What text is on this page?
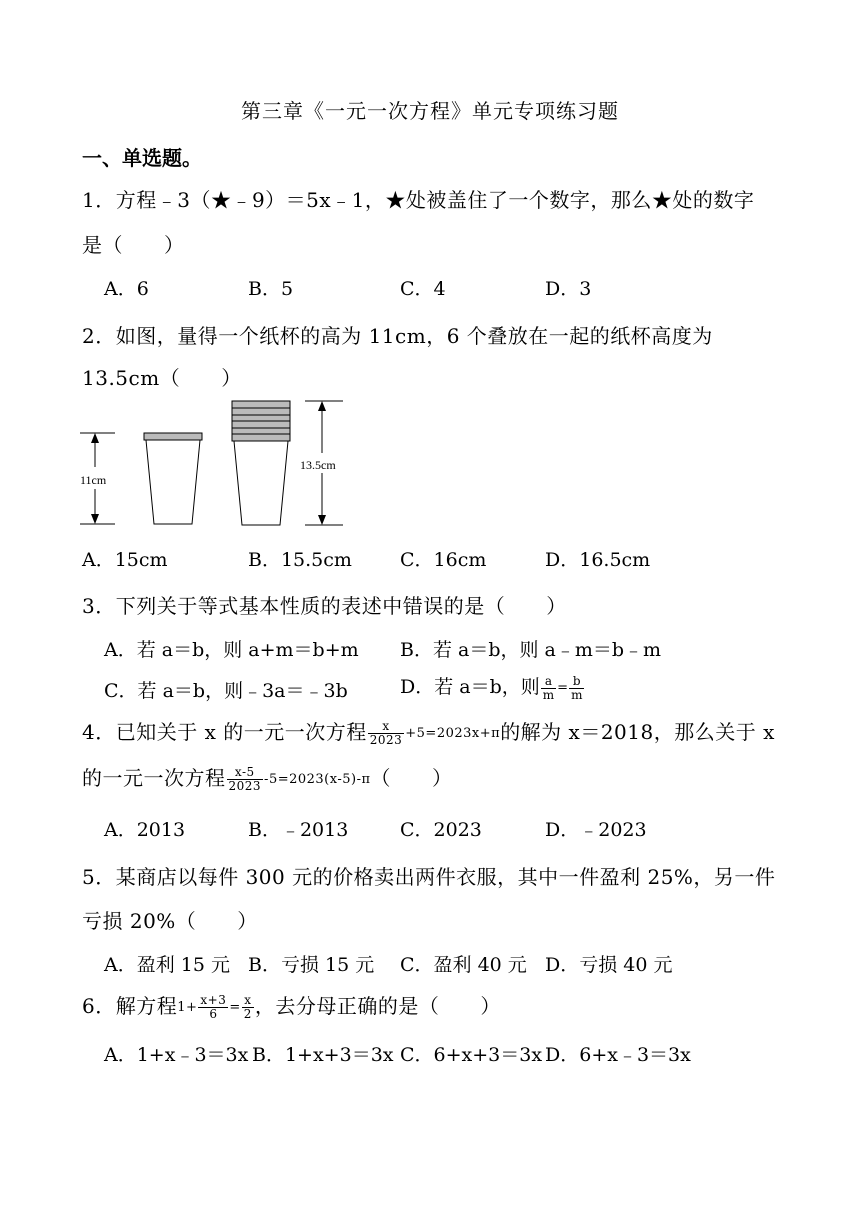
第三章《一元一次方程》单元专项练习题
一、单选题。
1．方程﹣3（★﹣9）＝5x﹣1，★处被盖住了一个数字，那么★处的数字
是（　　）
A．6	B．5	C．4	D．3
2．如图，量得一个纸杯的高为 11cm，6 个叠放在一起的纸杯高度为
13.5cm（　　）
11cm
13.5cm
A．15cm	B．15.5cm	C．16cm	D．16.5cm
3．下列关于等式基本性质的表述中错误的是（　　）
A．若 a＝b，则 a+m＝b+m B．若 a＝b，则 a﹣m＝b﹣m
C．若 a＝b，则﹣3a＝﹣3b	D．若 a＝b，则 $\frac{a}{m} = \frac{b}{m}$
4．已知关于 x 的一元一次方程 $\frac{x}{2023} +5=2023x+\pi$的解为 x＝2018，那么关于 x
的一元一次方程 $\frac{x-5}{2023} -5=2023(x-5)-\pi$（　　）
A．2013	B．﹣2013	C．2023	D．﹣2023
5．某商店以每件 300 元的价格卖出两件衣服，其中一件盈利 25%，另一件
亏损 20%（　　）
A．盈利 15 元 B．亏损 15 元 C．盈利 40 元 D．亏损 40 元
6．解方程$1+ \frac{x+3}{6} = \frac{x}{2}$ ，去分母正确的是（　　）
A．1+x﹣3＝3x B．1+x+3＝3x C．6+x+3＝3x D．6+x﹣3＝3x
